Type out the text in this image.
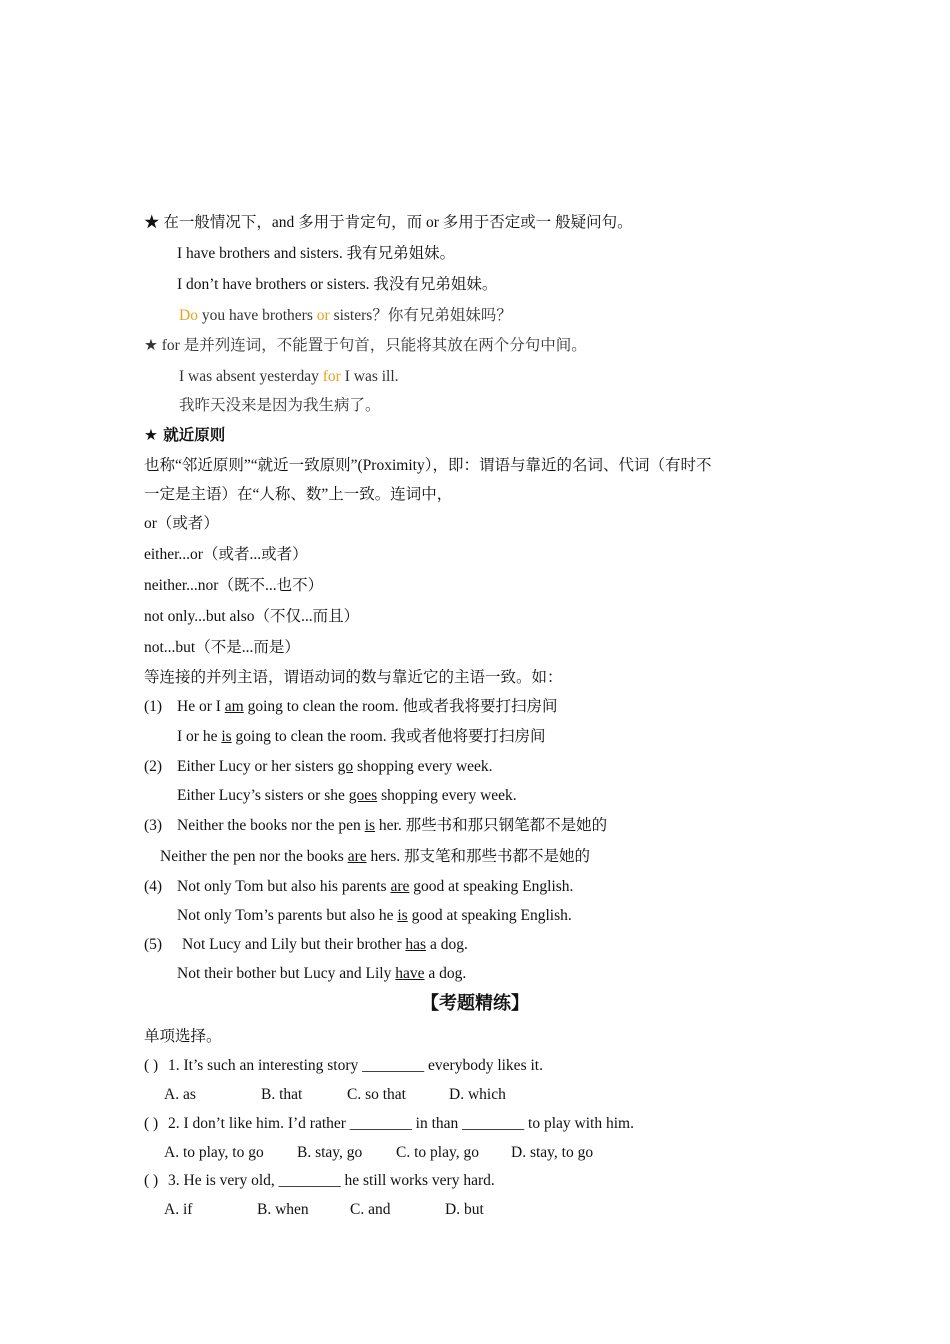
★ 在一般情况下，and 多用于肯定句，而 or 多用于否定或一 般疑问句。
I have brothers and sisters. 我有兄弟姐妹。
I don’t have brothers or sisters. 我没有兄弟姐妹。
Do you have brothers or sisters？你有兄弟姐妹吗？
★ for 是并列连词，不能置于句首，只能将其放在两个分句中间。
I was absent yesterday for I was ill.
我昨天没来是因为我生病了。
★ 就近原则
也称“邻近原则”“就近一致原则”(Proximity），即：谓语与靠近的名词、代词（有时不
一定是主语）在“人称、数”上一致。连词中，
or（或者）
either...or（或者...或者）
neither...nor（既不...也不）
not only...but also（不仅...而且）
not...but（不是...而是）
等连接的并列主语，谓语动词的数与靠近它的主语一致。如：
(1) He or I am going to clean the room. 他或者我将要打扫房间
I or he is going to clean the room. 我或者他将要打扫房间
(2) Either Lucy or her sisters go shopping every week.
Either Lucy’s sisters or she goes shopping every week.
(3) Neither the books nor the pen is her. 那些书和那只钢笔都不是她的
Neither the pen nor the books are hers. 那支笔和那些书都不是她的
(4) Not only Tom but also his parents are good at speaking English.
Not only Tom’s parents but also he is good at speaking English.
(5) Not Lucy and Lily but their brother has a dog.
Not their bother but Lucy and Lily have a dog.
【考题精练】
单项选择。
( ) 1. It’s such an interesting story ________ everybody likes it.
A. as	B. that	C. so that	D. which
( ) 2. I don’t like him. I’d rather ________ in than ________ to play with him.
A. to play, to go B. stay, go C. to play, go D. stay, to go
( ) 3. He is very old, ________ he still works very hard.
A. if	B. when	C. and	D. but
